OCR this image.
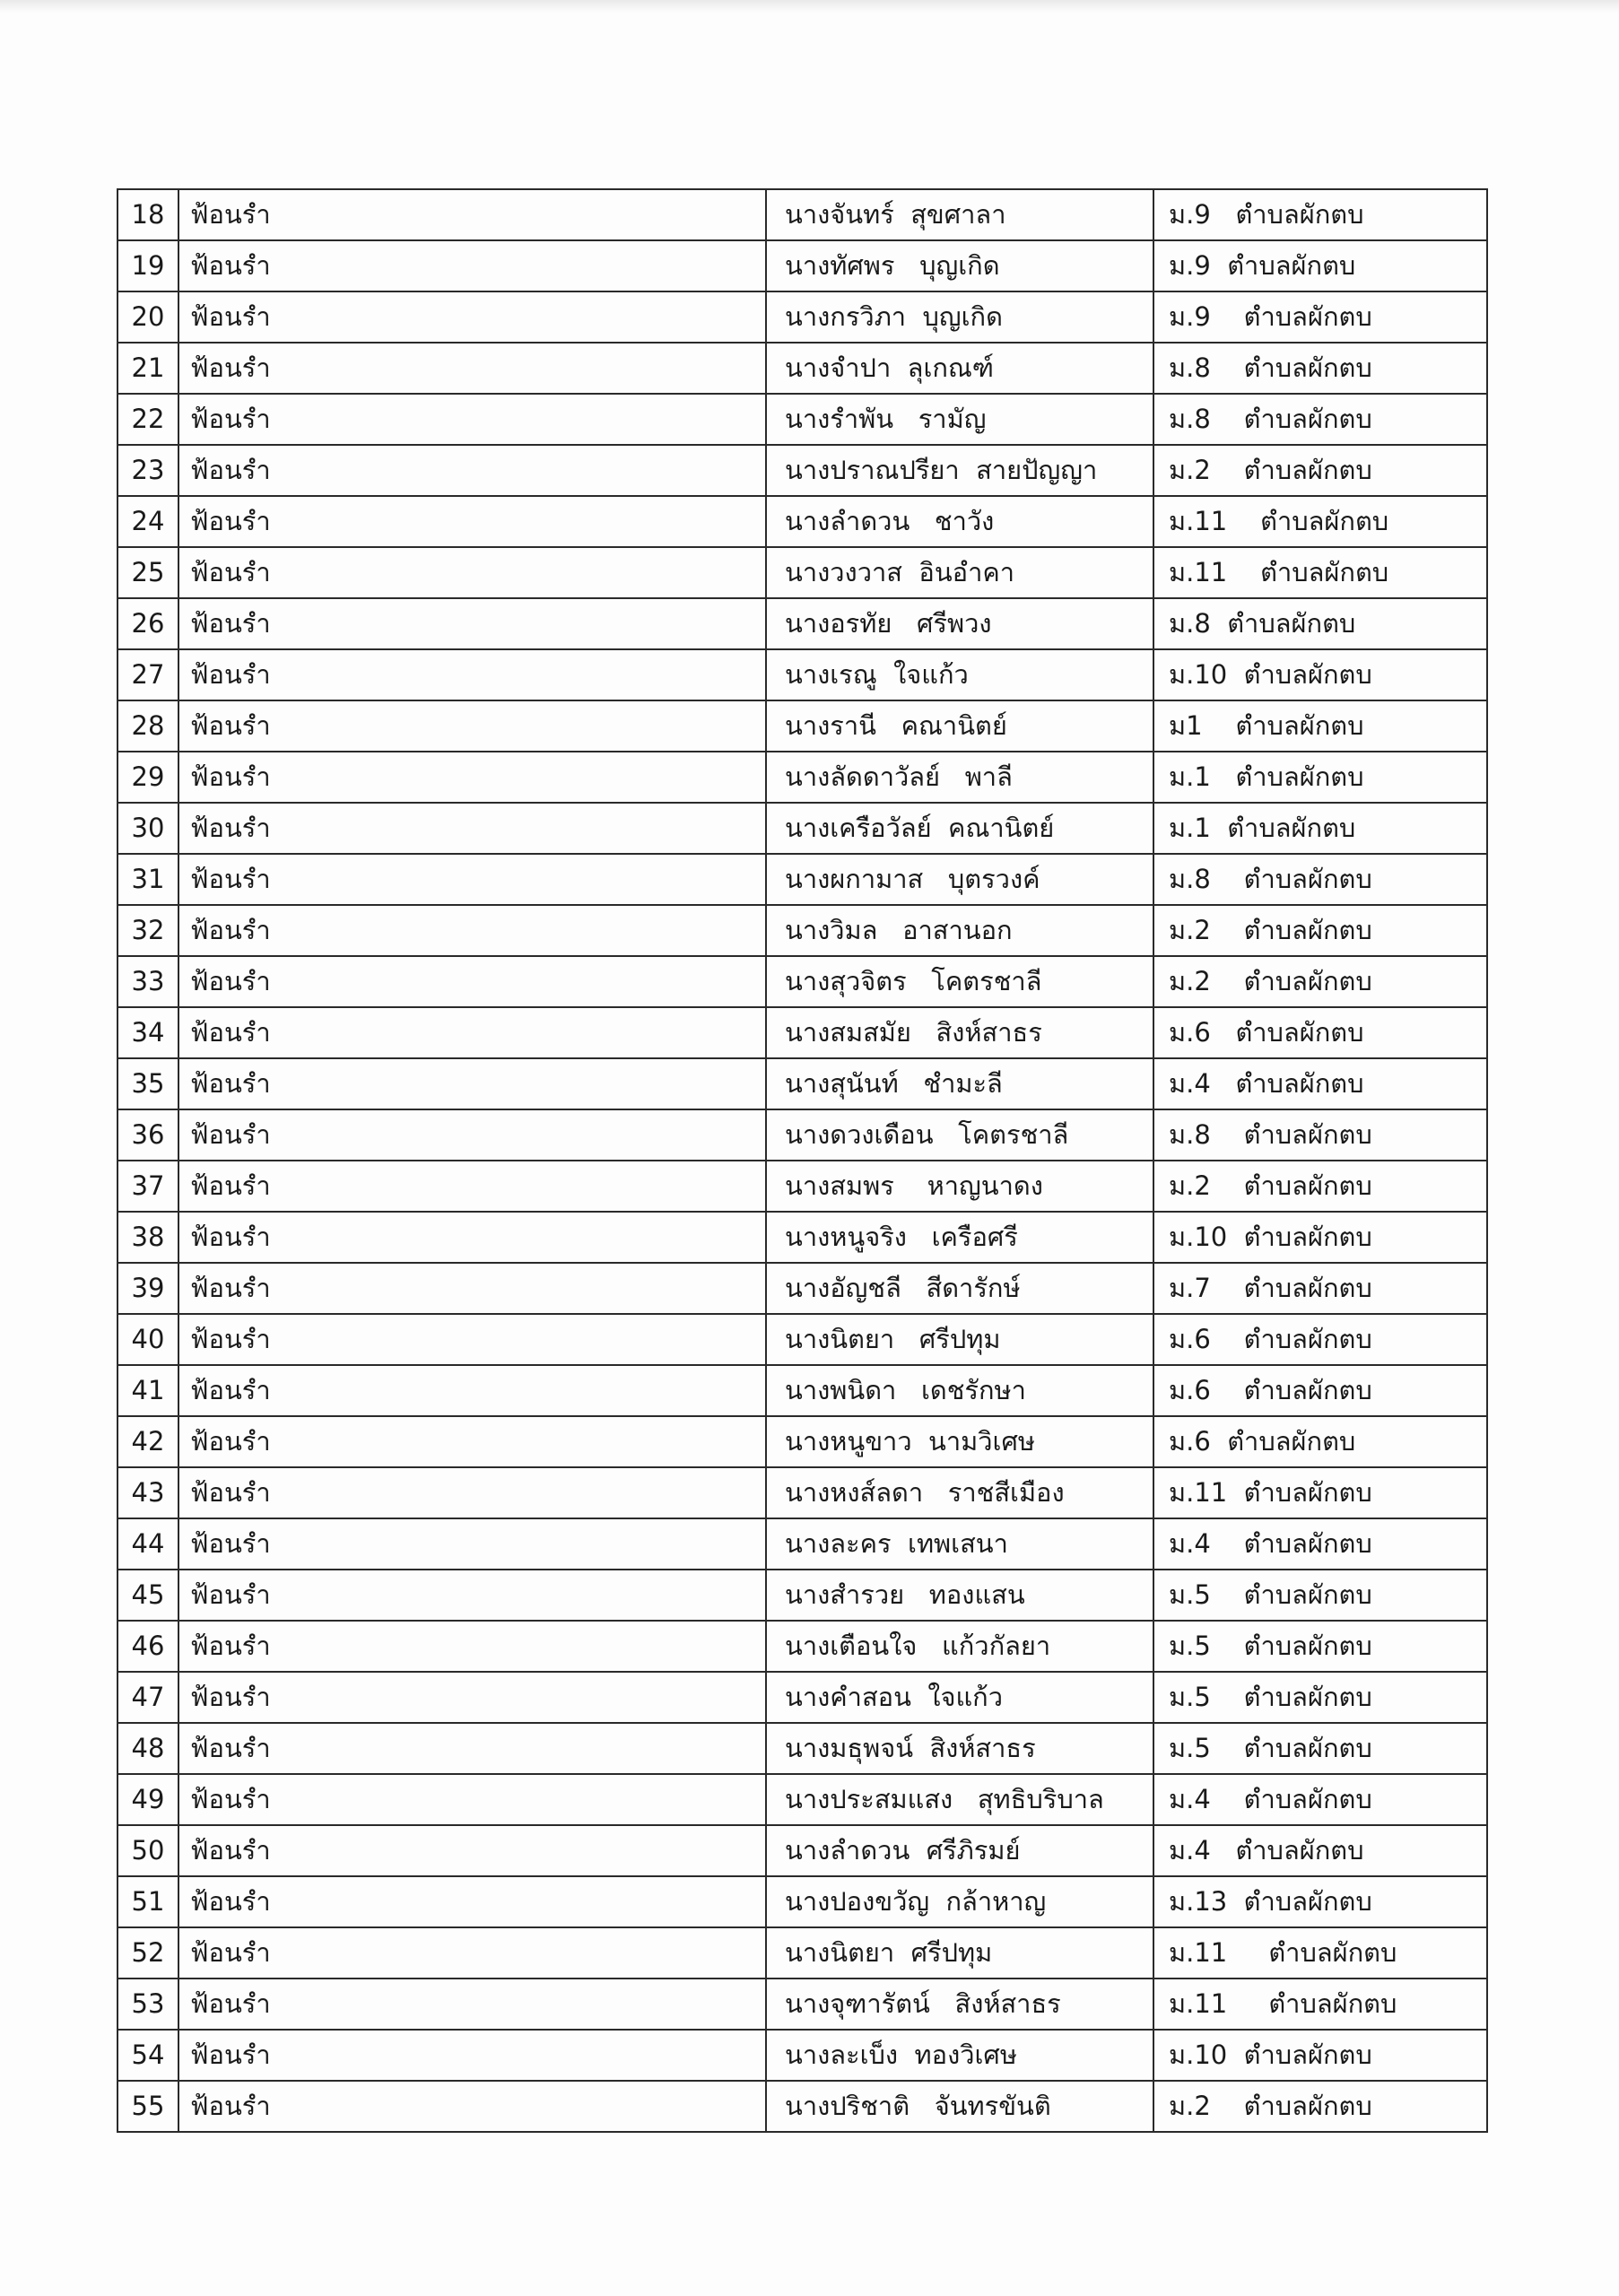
18	ฟ้อนรำ	นางจันทร์  สุขศาลา	ม.9   ตำบลผักตบ
19	ฟ้อนรำ	นางทัศพร   บุญเกิด	ม.9  ตำบลผักตบ
20	ฟ้อนรำ	นางกรวิภา  บุญเกิด	ม.9    ตำบลผักตบ
21	ฟ้อนรำ	นางจำปา  ลุเกณฑ์	ม.8    ตำบลผักตบ
22	ฟ้อนรำ	นางรำพัน   รามัญ	ม.8    ตำบลผักตบ
23	ฟ้อนรำ	นางปราณปรียา  สายปัญญา	ม.2    ตำบลผักตบ
24	ฟ้อนรำ	นางลำดวน   ชาวัง	ม.11    ตำบลผักตบ
25	ฟ้อนรำ	นางวงวาส  อินอำคา	ม.11    ตำบลผักตบ
26	ฟ้อนรำ	นางอรทัย   ศรีพวง	ม.8  ตำบลผักตบ
27	ฟ้อนรำ	นางเรณู  ใจแก้ว	ม.10  ตำบลผักตบ
28	ฟ้อนรำ	นางรานี   คณานิตย์	ม1    ตำบลผักตบ
29	ฟ้อนรำ	นางลัดดาวัลย์   พาลี	ม.1   ตำบลผักตบ
30	ฟ้อนรำ	นางเครือวัลย์  คณานิตย์	ม.1  ตำบลผักตบ
31	ฟ้อนรำ	นางผกามาส   บุตรวงค์	ม.8    ตำบลผักตบ
32	ฟ้อนรำ	นางวิมล   อาสานอก	ม.2    ตำบลผักตบ
33	ฟ้อนรำ	นางสุวจิตร   โคตรชาลี	ม.2    ตำบลผักตบ
34	ฟ้อนรำ	นางสมสมัย   สิงห์สาธร	ม.6   ตำบลผักตบ
35	ฟ้อนรำ	นางสุนันท์   ชำมะลี	ม.4   ตำบลผักตบ
36	ฟ้อนรำ	นางดวงเดือน   โคตรชาลี	ม.8    ตำบลผักตบ
37	ฟ้อนรำ	นางสมพร    หาญนาดง	ม.2    ตำบลผักตบ
38	ฟ้อนรำ	นางหนูจริง   เครือศรี	ม.10  ตำบลผักตบ
39	ฟ้อนรำ	นางอัญชลี   สีดารักษ์	ม.7    ตำบลผักตบ
40	ฟ้อนรำ	นางนิตยา   ศรีปทุม	ม.6    ตำบลผักตบ
41	ฟ้อนรำ	นางพนิดา   เดชรักษา	ม.6    ตำบลผักตบ
42	ฟ้อนรำ	นางหนูขาว  นามวิเศษ	ม.6  ตำบลผักตบ
43	ฟ้อนรำ	นางหงส์ลดา   ราชสีเมือง	ม.11  ตำบลผักตบ
44	ฟ้อนรำ	นางละคร  เทพเสนา	ม.4    ตำบลผักตบ
45	ฟ้อนรำ	นางสำรวย   ทองแสน	ม.5    ตำบลผักตบ
46	ฟ้อนรำ	นางเตือนใจ   แก้วกัลยา	ม.5    ตำบลผักตบ
47	ฟ้อนรำ	นางคำสอน  ใจแก้ว	ม.5    ตำบลผักตบ
48	ฟ้อนรำ	นางมธุพจน์  สิงห์สาธร	ม.5    ตำบลผักตบ
49	ฟ้อนรำ	นางประสมแสง   สุทธิบริบาล	ม.4    ตำบลผักตบ
50	ฟ้อนรำ	นางลำดวน  ศรีภิรมย์	ม.4   ตำบลผักตบ
51	ฟ้อนรำ	นางปองขวัญ  กล้าหาญ	ม.13  ตำบลผักตบ
52	ฟ้อนรำ	นางนิตยา  ศรีปทุม	ม.11     ตำบลผักตบ
53	ฟ้อนรำ	นางจุฑารัตน์   สิงห์สาธร	ม.11     ตำบลผักตบ
54	ฟ้อนรำ	นางละเบ็ง  ทองวิเศษ	ม.10  ตำบลผักตบ
55	ฟ้อนรำ	นางปริชาติ   จันทรขันติ	ม.2    ตำบลผักตบ
